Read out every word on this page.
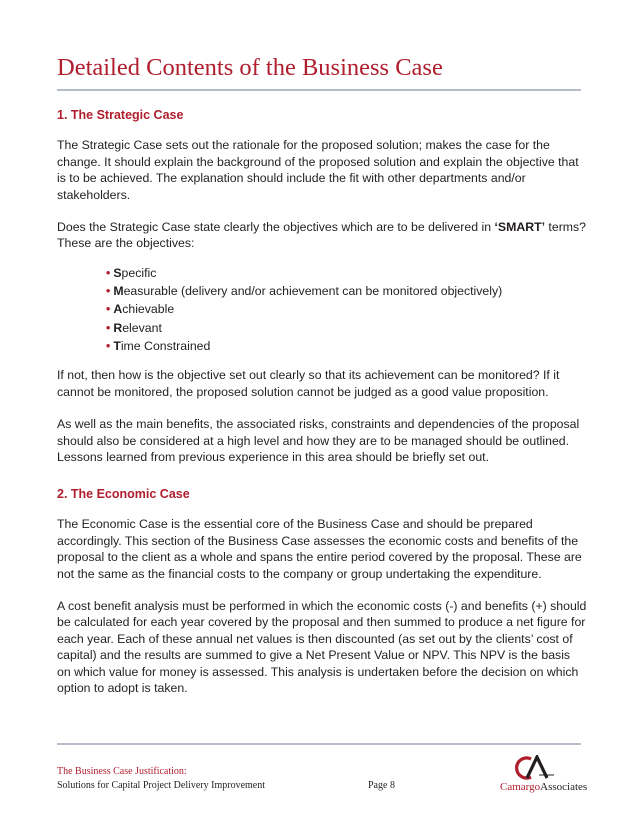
Detailed Contents of the Business Case

1. The Strategic Case

The Strategic Case sets out the rationale for the proposed solution; makes the case for the change. It should explain the background of the proposed solution and explain the objective that is to be achieved. The explanation should include the fit with other departments and/or stakeholders.

Does the Strategic Case state clearly the objectives which are to be delivered in ‘SMART’ terms? These are the objectives:

• Specific
• Measurable (delivery and/or achievement can be monitored objectively)
• Achievable
• Relevant
• Time Constrained

If not, then how is the objective set out clearly so that its achievement can be monitored? If it cannot be monitored, the proposed solution cannot be judged as a good value proposition.

As well as the main benefits, the associated risks, constraints and dependencies of the proposal should also be considered at a high level and how they are to be managed should be outlined. Lessons learned from previous experience in this area should be briefly set out.

2. The Economic Case

The Economic Case is the essential core of the Business Case and should be prepared accordingly. This section of the Business Case assesses the economic costs and benefits of the proposal to the client as a whole and spans the entire period covered by the proposal. These are not the same as the financial costs to the company or group undertaking the expenditure.

A cost benefit analysis must be performed in which the economic costs (-) and benefits (+) should be calculated for each year covered by the proposal and then summed to produce a net figure for each year. Each of these annual net values is then discounted (as set out by the clients’ cost of capital) and the results are summed to give a Net Present Value or NPV. This NPV is the basis on which value for money is assessed. This analysis is undertaken before the decision on which option to adopt is taken.

The Business Case Justification:
Solutions for Capital Project Delivery Improvement	Page 8	CamargoAssociates
